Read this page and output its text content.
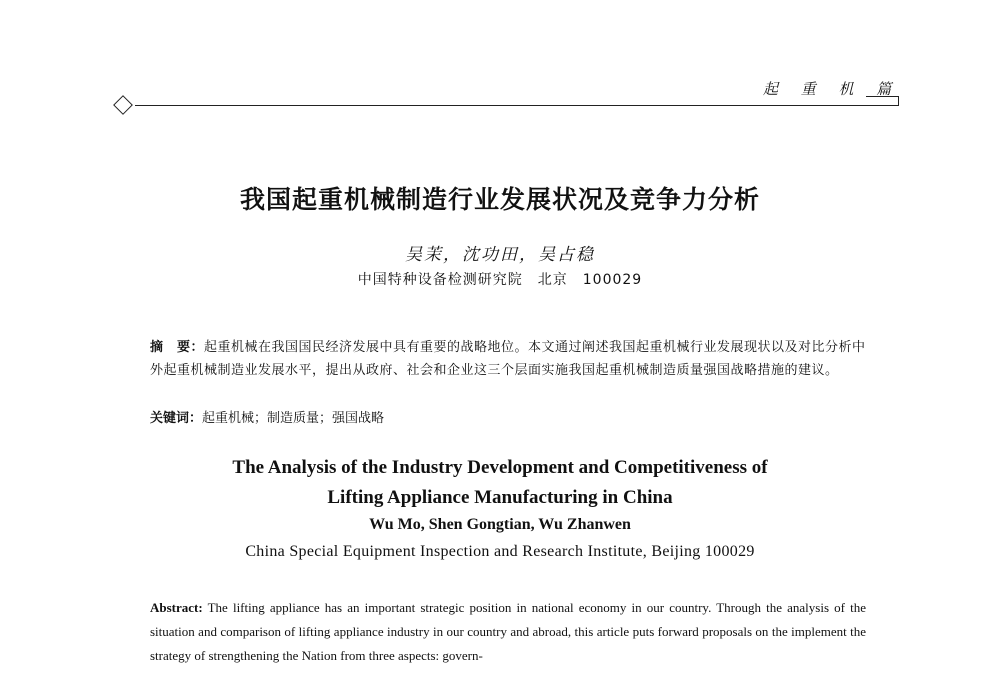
起 重 机 篇
我国起重机械制造行业发展状况及竞争力分析
吴茉，沈功田，吴占稳
中国特种设备检测研究院　北京　100029
摘　要：起重机械在我国国民经济发展中具有重要的战略地位。本文通过阐述我国起重机械行业发展现状以及对比分析中外起重机械制造业发展水平，提出从政府、社会和企业这三个层面实施我国起重机械制造质量强国战略措施的建议。
关键词：起重机械；制造质量；强国战略
The Analysis of the Industry Development and Competitiveness of
Lifting Appliance Manufacturing in China
Wu Mo, Shen Gongtian, Wu Zhanwen
China Special Equipment Inspection and Research Institute, Beijing 100029
Abstract: The lifting appliance has an important strategic position in national economy in our country. Through the analysis of the situation and comparison of lifting appliance industry in our country and abroad, this article puts forward proposals on the implement the strategy of strengthening the Nation from three aspects: govern-
